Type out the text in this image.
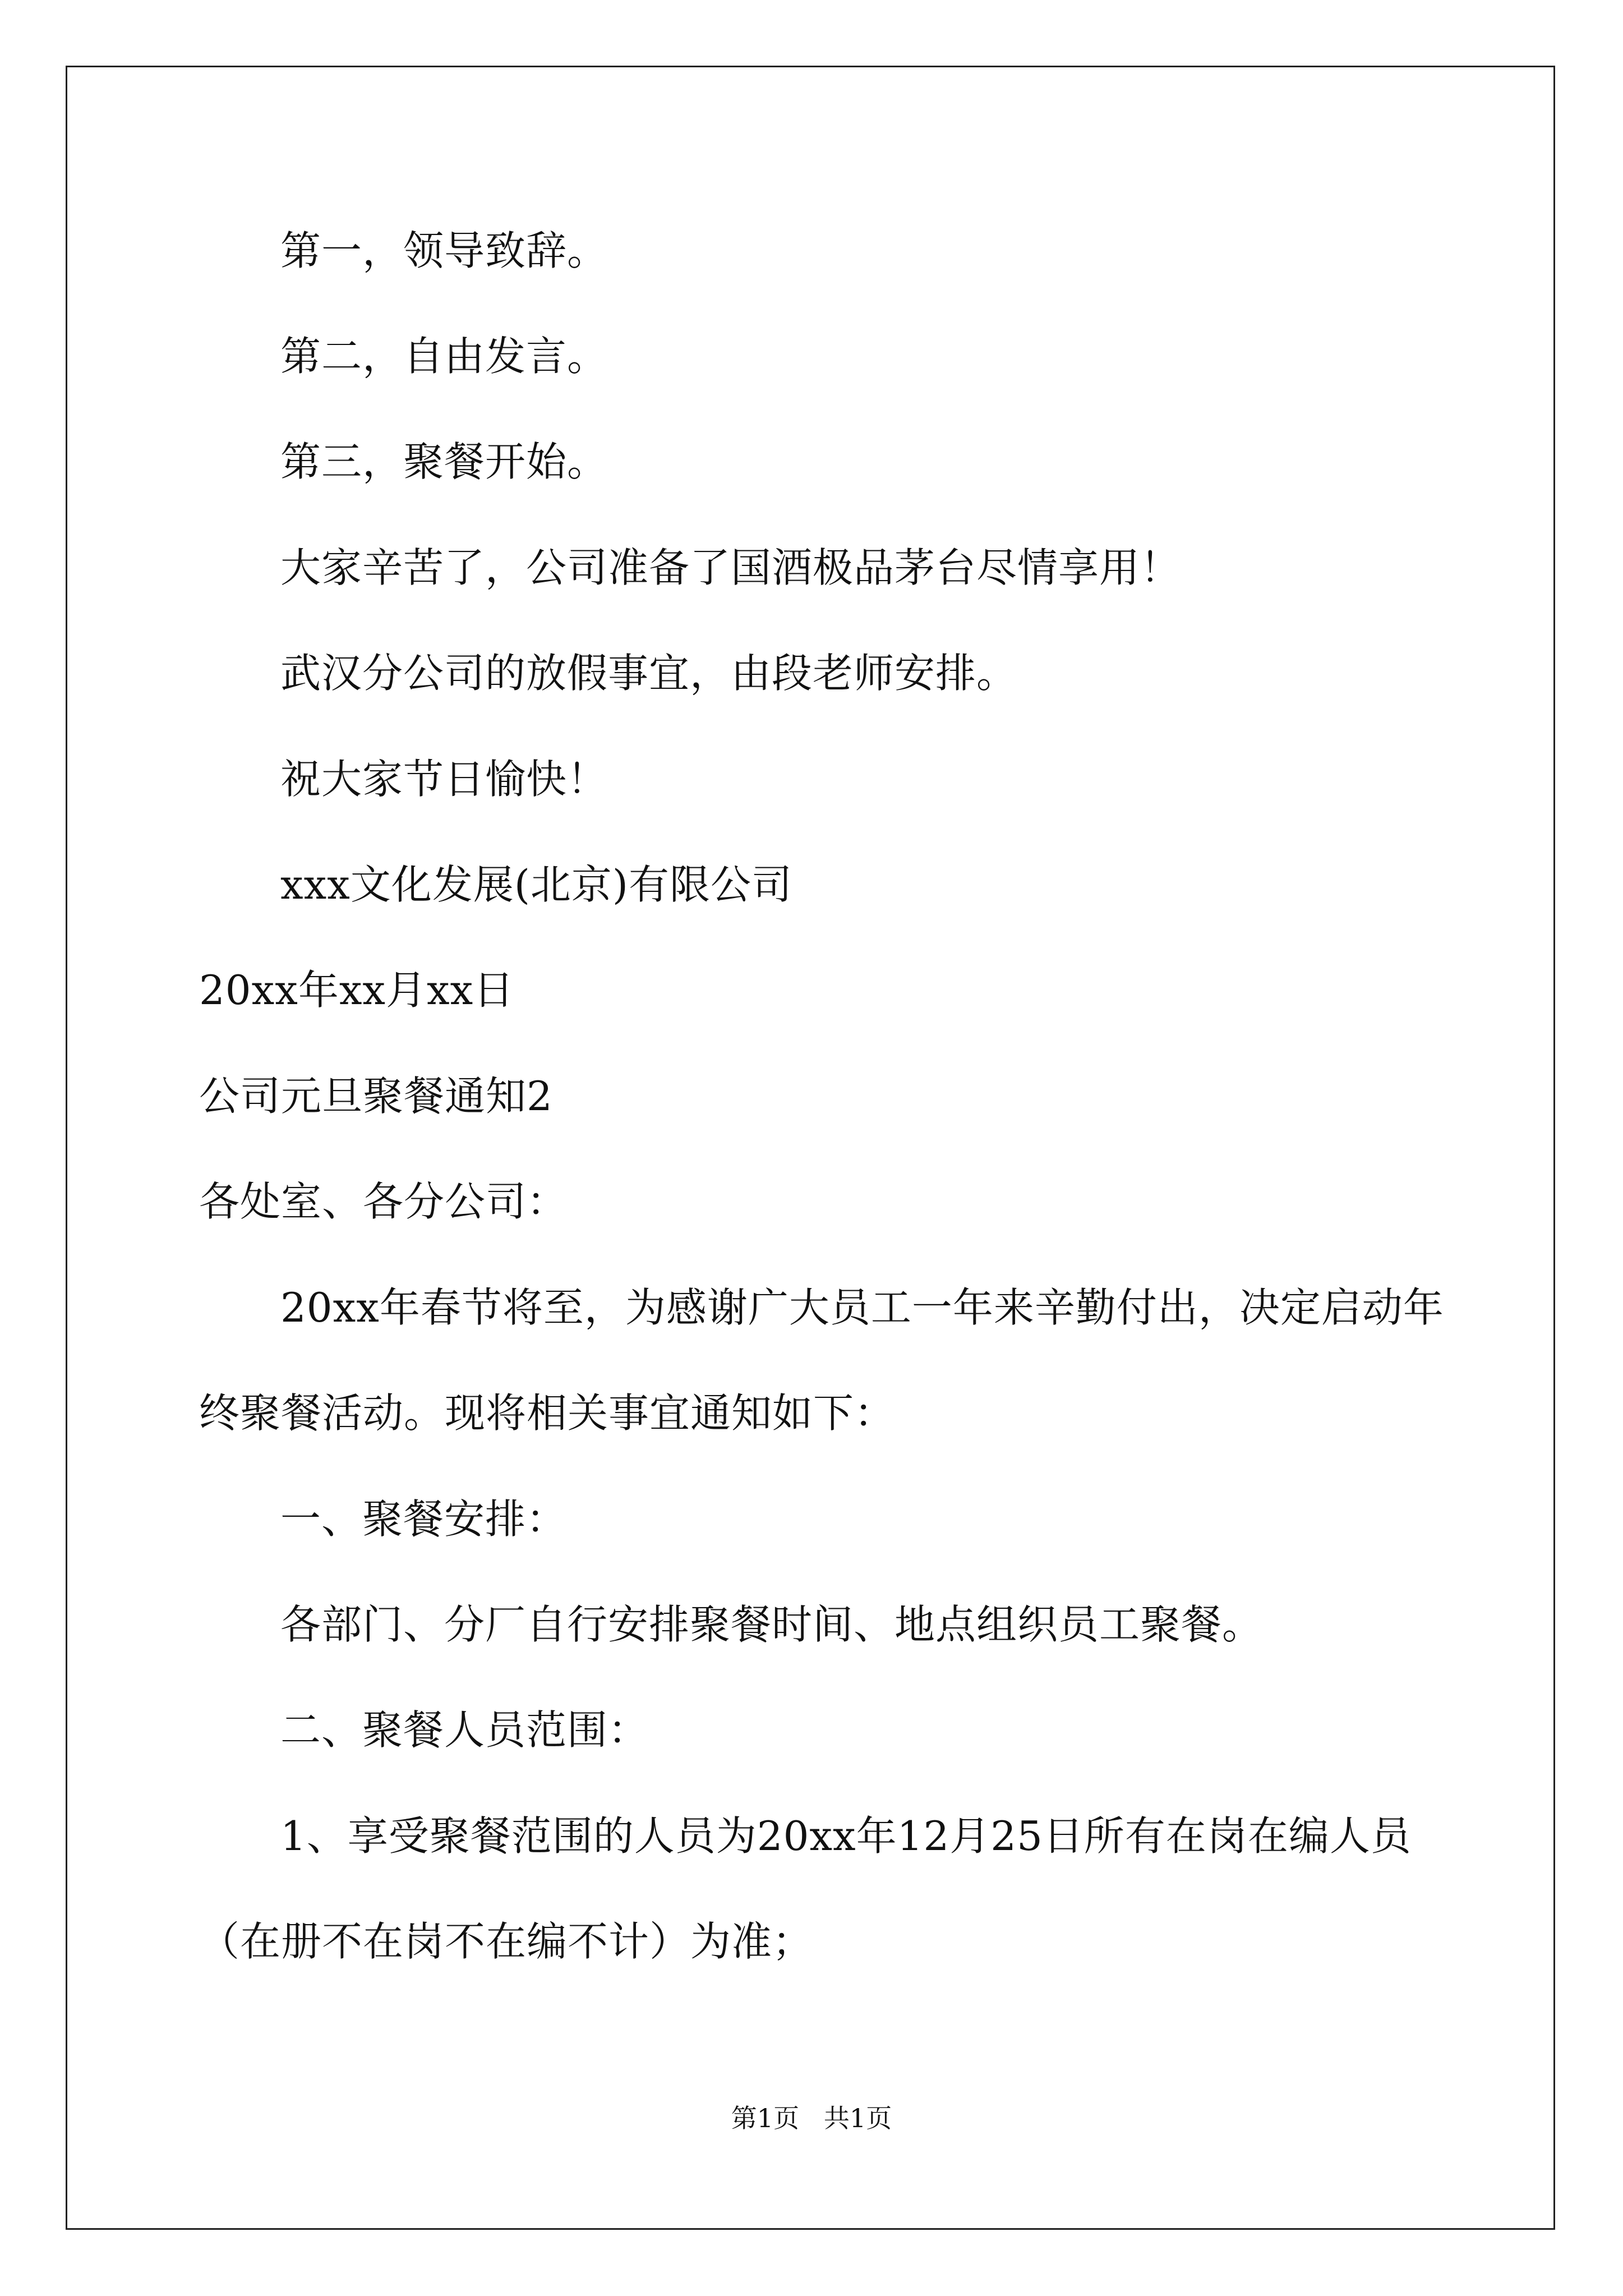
第一，领导致辞。
第二，自由发言。
第三，聚餐开始。
大家辛苦了，公司准备了国酒极品茅台尽情享用！
武汉分公司的放假事宜，由段老师安排。
祝大家节日愉快！
xxx文化发展(北京)有限公司
20xx年xx月xx日
公司元旦聚餐通知2
各处室、各分公司：
20xx年春节将至，为感谢广大员工一年来辛勤付出，决定启动年
终聚餐活动。现将相关事宜通知如下：
一、聚餐安排：
各部门、分厂自行安排聚餐时间、地点组织员工聚餐。
二、聚餐人员范围：
1、享受聚餐范围的人员为20xx年12月25日所有在岗在编人员
（在册不在岗不在编不计）为准；
第1页   共1页
